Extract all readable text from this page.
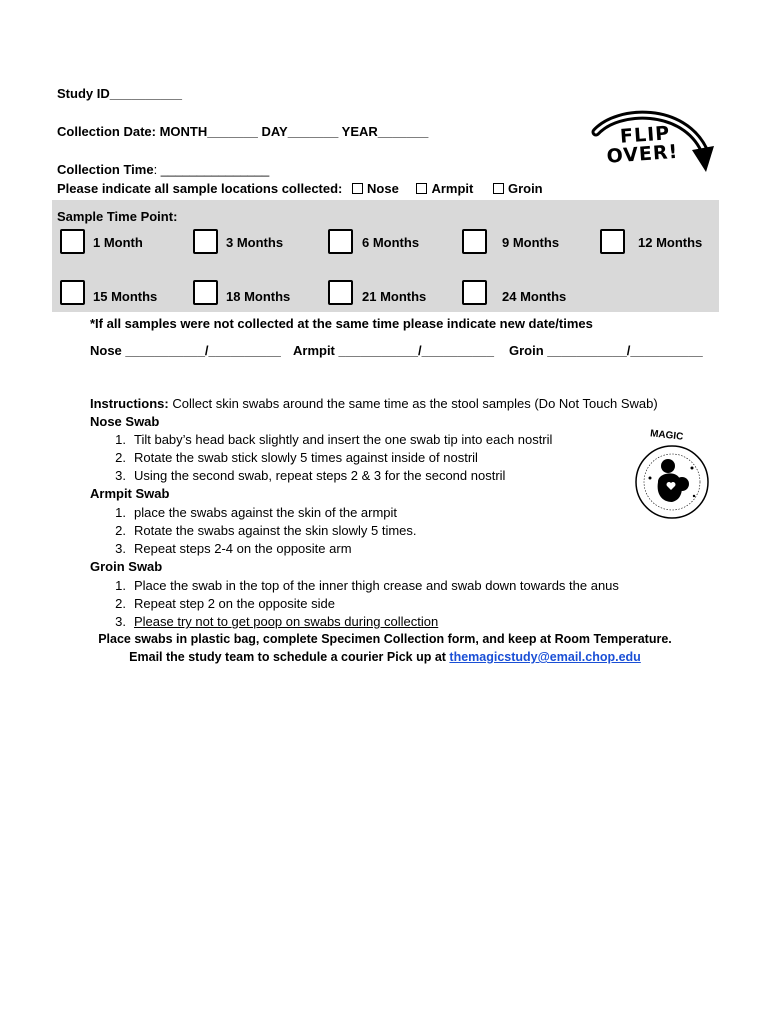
Study ID__________
Collection Date: MONTH_______ DAY_______ YEAR_______
Collection Time: _______________
Please indicate all sample locations collected: Nose	Armpit	Groin
FLIP
OVER!
Sample Time Point:
1 Month	3 Months	6 Months	9 Months	12 Months
15 Months	18 Months	21 Months	24 Months
*If all samples were not collected at the same time please indicate new date/times
Nose ___________/__________ Armpit ___________/__________ Groin ___________/__________
Instructions: Collect skin swabs around the same time as the stool samples (Do Not Touch Swab)
Nose Swab
1. Tilt baby’s head back slightly and insert the one swab tip into each nostril
2. Rotate the swab stick slowly 5 times against inside of nostril
3. Using the second swab, repeat steps 2 & 3 for the second nostril
Armpit Swab
1. place the swabs against the skin of the armpit
2. Rotate the swabs against the skin slowly 5 times.
3. Repeat steps 2-4 on the opposite arm
Groin Swab
1. Place the swab in the top of the inner thigh crease and swab down towards the anus
2. Repeat step 2 on the opposite side
3. Please try not to get poop on swabs during collection
Place swabs in plastic bag, complete Specimen Collection form, and keep at Room Temperature.
Email the study team to schedule a courier Pick up at themagicstudy@email.chop.edu
MAGIC
